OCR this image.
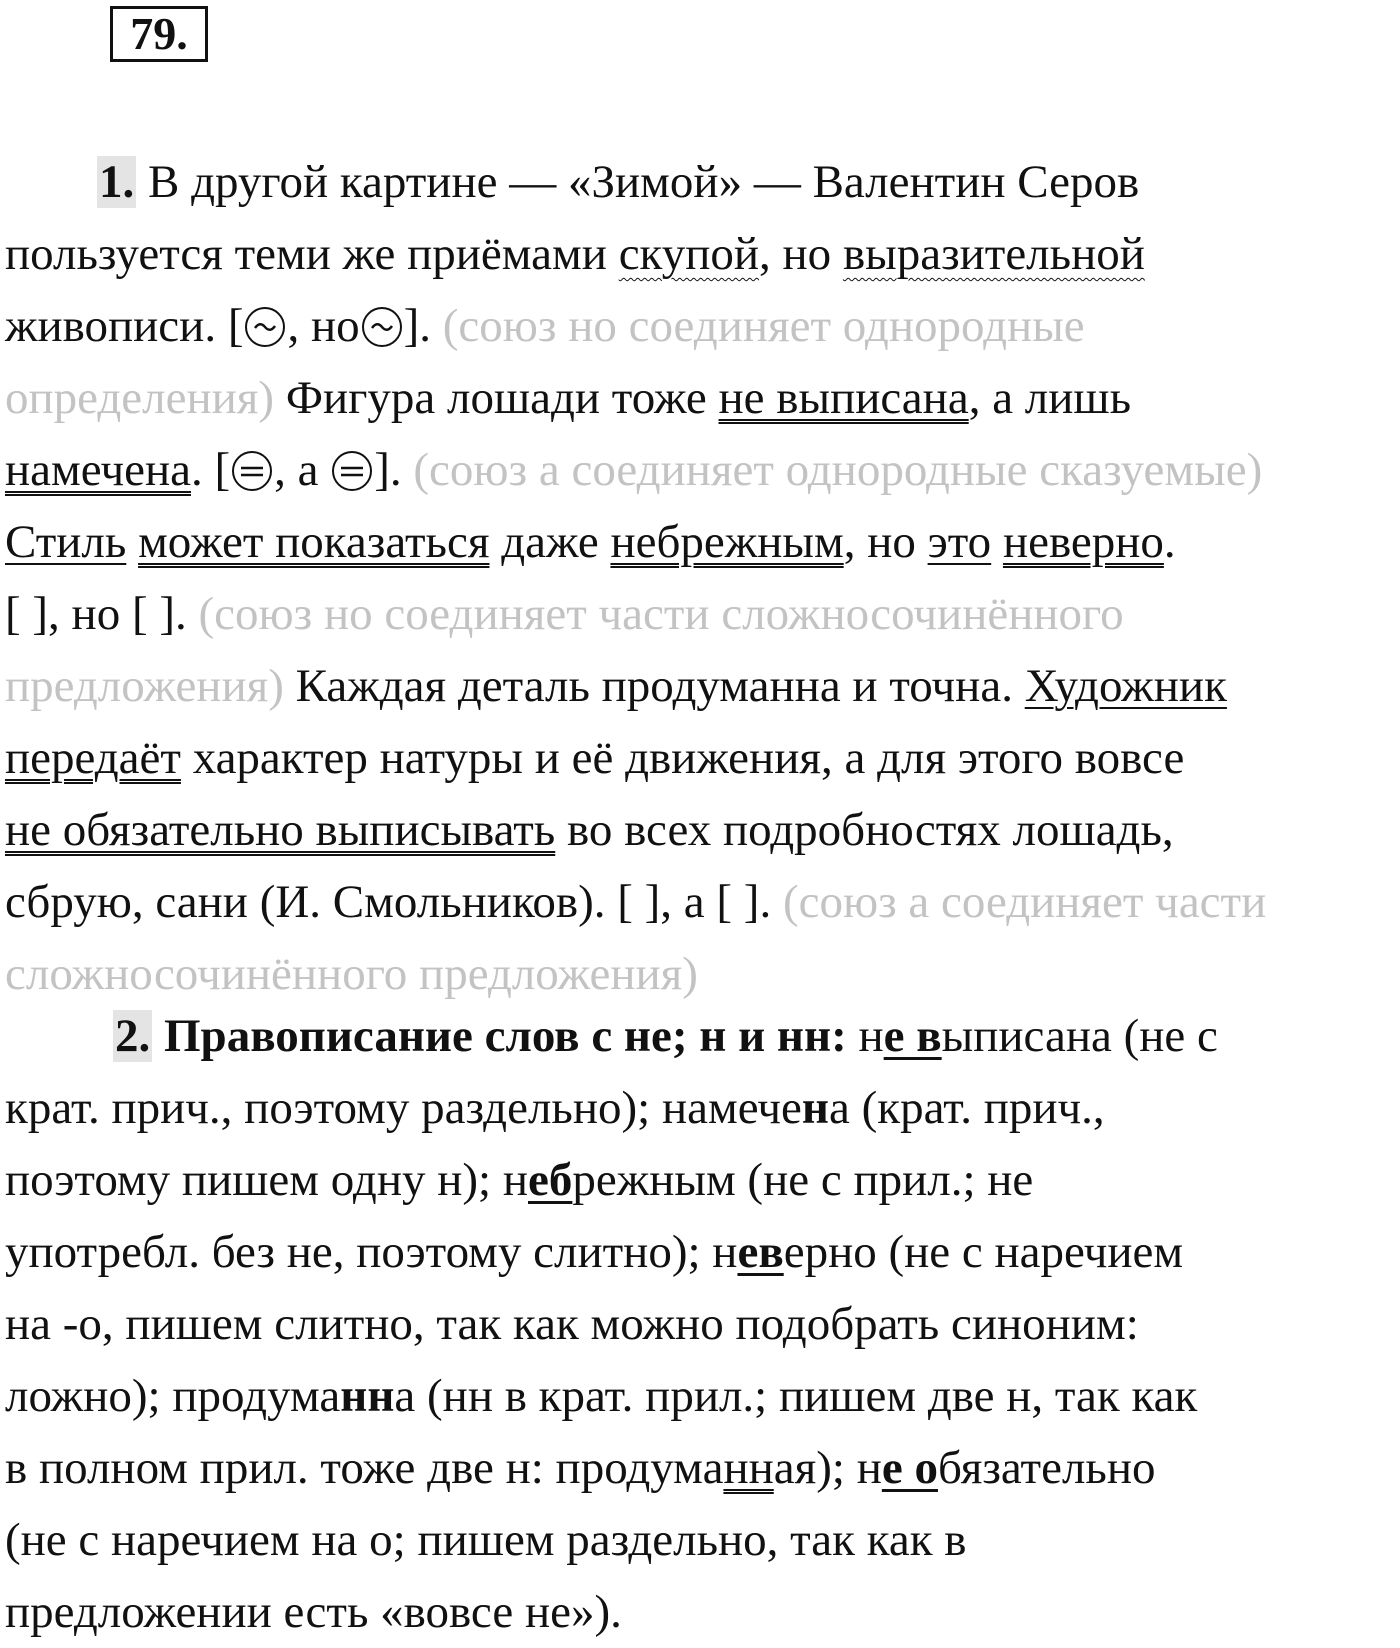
79.
1. В другой картине — «Зимой» — Валентин Серов
пользуется теми же приёмами скупой, но выразительной
живописи. [ , но ]. (союз но соединяет однородные
определения) Фигура лошади тоже не выписана, а лишь
намечена. [ , а
]. (союз а соединяет однородные сказуемые)
Стиль может показаться даже небрежным, но это неверно.
[ ], но [ ]. (союз но соединяет части сложносочинённого
предложения) Каждая деталь продуманна и точна. Художник
передаёт характер натуры и её движения, а для этого вовсе
не обязательно выписывать во всех подробностях лошадь,
сбрую, сани (И. Смольников). [ ], а [ ]. (союз а соединяет части
сложносочинённого предложения)
2. Правописание слов с не; н и нн: не выписана (не с
крат. прич., поэтому раздельно); намечена (крат. прич.,
поэтому пишем одну н); небрежным (не с прил.; не
употребл. без не, поэтому слитно); неверно (не с наречием
на -о, пишем слитно, так как можно подобрать синоним:
ложно); продуманна (нн в крат. прил.; пишем две н, так как
в полном прил. тоже две н: продуманная); не обязательно
(не с наречием на о; пишем раздельно, так как в
предложении есть «вовсе не»).
